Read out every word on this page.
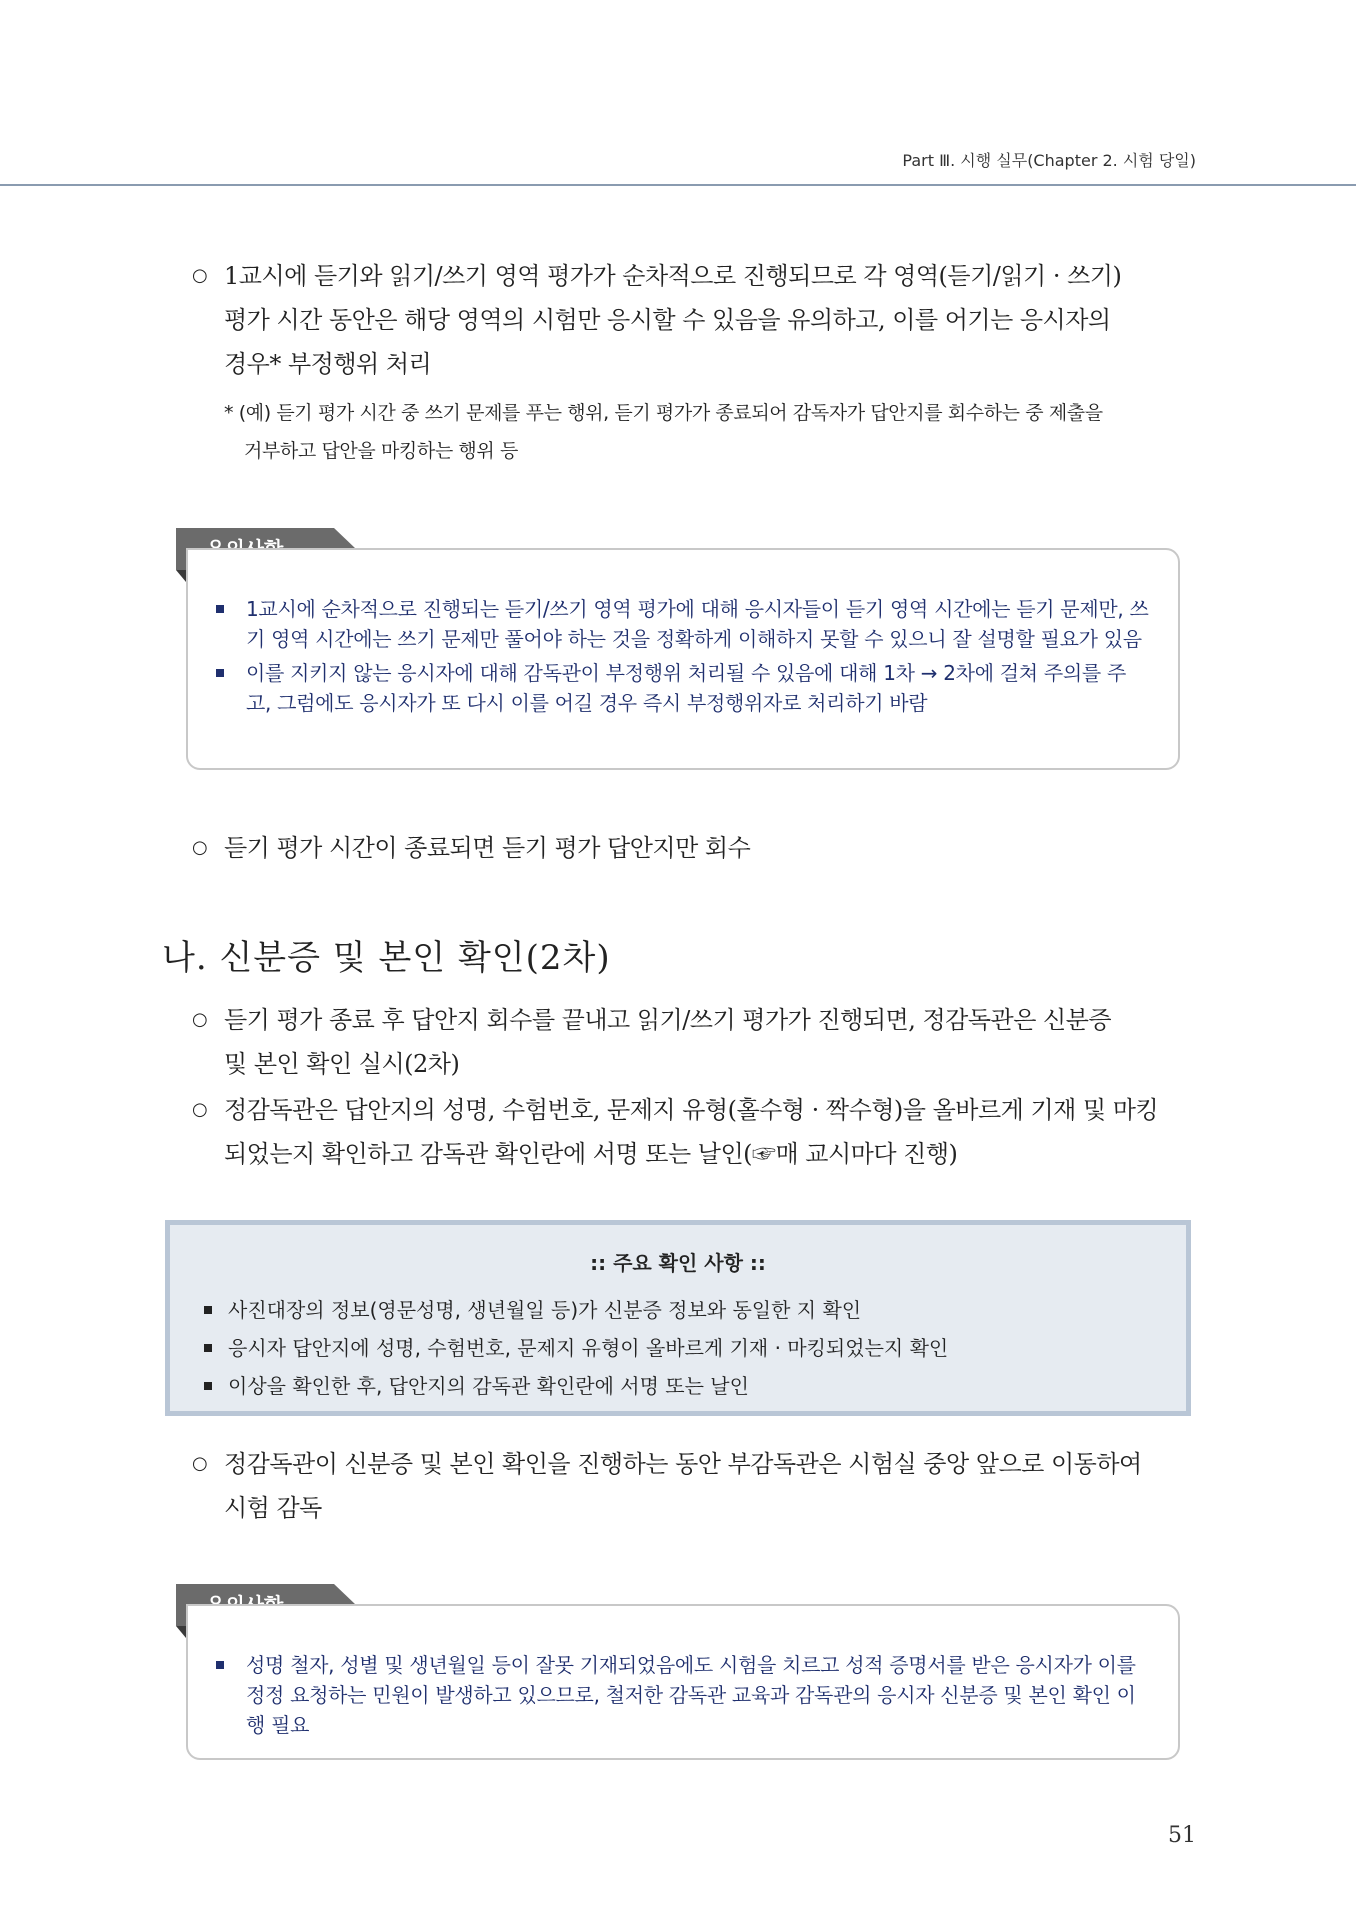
Part Ⅲ. 시행 실무(Chapter 2. 시험 당일)
○ 1교시에 듣기와 읽기/쓰기 영역 평가가 순차적으로 진행되므로 각 영역(듣기/읽기 · 쓰기)
평가 시간 동안은 해당 영역의 시험만 응시할 수 있음을 유의하고, 이를 어기는 응시자의
경우* 부정행위 처리
* (예) 듣기 평가 시간 중 쓰기 문제를 푸는 행위, 듣기 평가가 종료되어 감독자가 답안지를 회수하는 중 제출을
거부하고 답안을 마킹하는 행위 등
1교시에 순차적으로 진행되는 듣기/쓰기 영역 평가에 대해 응시자들이 듣기 영역 시간에는 듣기 문제만, 쓰기 영역 시간에는 쓰기 문제만 풀어야 하는 것을 정확하게 이해하지 못할 수 있으니 잘 설명할 필요가 있음
이를 지키지 않는 응시자에 대해 감독관이 부정행위 처리될 수 있음에 대해 1차 → 2차에 걸쳐 주의를 주고, 그럼에도 응시자가 또 다시 이를 어길 경우 즉시 부정행위자로 처리하기 바람
○ 듣기 평가 시간이 종료되면 듣기 평가 답안지만 회수
나. 신분증 및 본인 확인(2차)
○ 듣기 평가 종료 후 답안지 회수를 끝내고 읽기/쓰기 평가가 진행되면, 정감독관은 신분증
및 본인 확인 실시(2차)
○ 정감독관은 답안지의 성명, 수험번호, 문제지 유형(홀수형 · 짝수형)을 올바르게 기재 및 마킹
되었는지 확인하고 감독관 확인란에 서명 또는 날인(☞매 교시마다 진행)
:: 주요 확인 사항 ::
사진대장의 정보(영문성명, 생년월일 등)가 신분증 정보와 동일한 지 확인
응시자 답안지에 성명, 수험번호, 문제지 유형이 올바르게 기재 · 마킹되었는지 확인
이상을 확인한 후, 답안지의 감독관 확인란에 서명 또는 날인
○ 정감독관이 신분증 및 본인 확인을 진행하는 동안 부감독관은 시험실 중앙 앞으로 이동하여
시험 감독
성명 철자, 성별 및 생년월일 등이 잘못 기재되었음에도 시험을 치르고 성적 증명서를 받은 응시자가 이를 정정 요청하는 민원이 발생하고 있으므로, 철저한 감독관 교육과 감독관의 응시자 신분증 및 본인 확인 이행 필요
51
